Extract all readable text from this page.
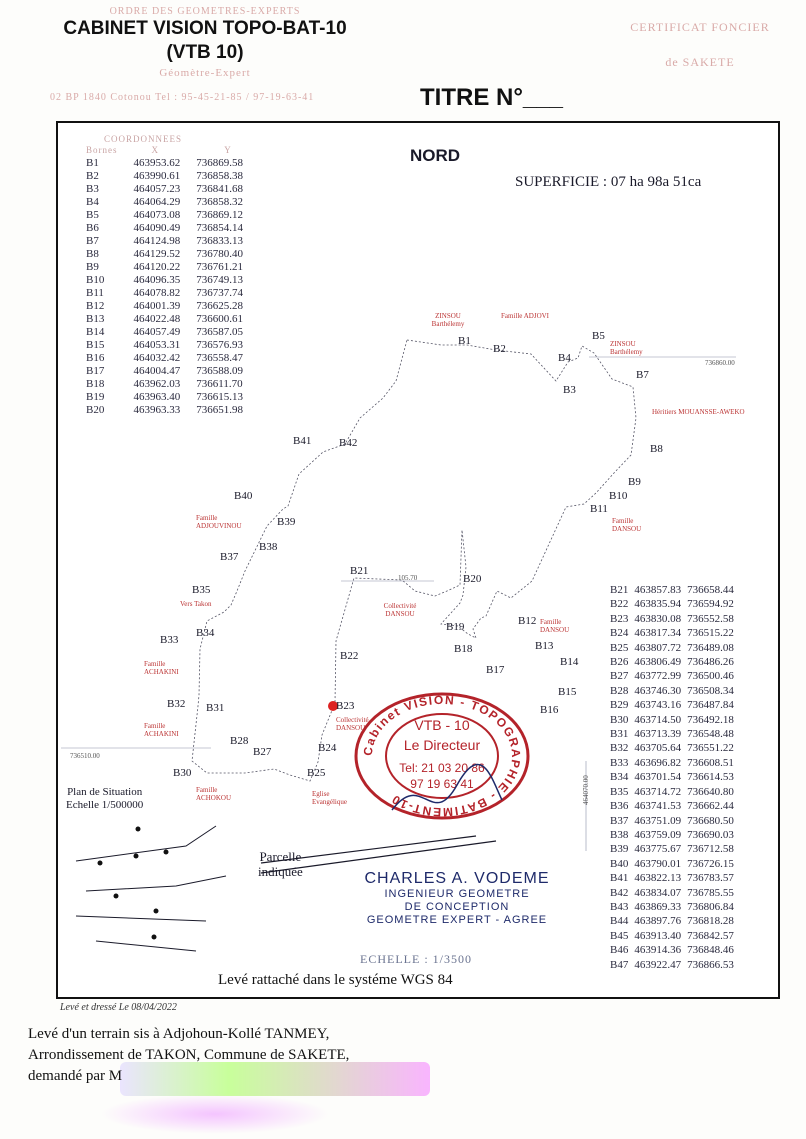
ORDRE DES GEOMETRES-EXPERTS
CABINET VISION TOPO-BAT-10
(VTB 10)
Géomètre-Expert
02 BP 1840 Cotonou Tel : 95-45-21-85 / 97-19-63-41
CERTIFICAT FONCIER
de SAKETE
TITRE N°___
NORD
SUPERFICIE : 07 ha 98a 51ca
COORDONNEES
Bornes	X	Y
B1	463953.62	736869.58
B2	463990.61	736858.38
B3	464057.23	736841.68
B4	464064.29	736858.32
B5	464073.08	736869.12
B6	464090.49	736854.14
B7	464124.98	736833.13
B8	464129.52	736780.40
B9	464120.22	736761.21
B10	464096.35	736749.13
B11	464078.82	736737.74
B12	464001.39	736625.28
B13	464022.48	736600.61
B14	464057.49	736587.05
B15	464053.31	736576.93
B16	464032.42	736558.47
B17	464004.47	736588.09
B18	463962.03	736611.70
B19	463963.40	736615.13
B20	463963.33	736651.98
B21	463857.83	736658.44
B22	463835.94	736594.92
B23	463830.08	736552.58
B24	463817.34	736515.22
B25	463807.72	736489.08
B26	463806.49	736486.26
B27	463772.99	736500.46
B28	463746.30	736508.34
B29	463743.16	736487.84
B30	463714.50	736492.18
B31	463713.39	736548.48
B32	463705.64	736551.22
B33	463696.82	736608.51
B34	463701.54	736614.53
B35	463714.72	736640.80
B36	463741.53	736662.44
B37	463751.09	736680.50
B38	463759.09	736690.03
B39	463775.67	736712.58
B40	463790.01	736726.15
B41	463822.13	736783.57
B42	463834.07	736785.55
B43	463869.33	736806.84
B44	463897.76	736818.28
B45	463913.40	736842.57
B46	463914.36	736848.46
B47	463922.47	736866.53
736510.00
736860.00
464070.00
B1
B2
B3
B4
B5
B7
B8
B9
B10
B11
B12
B13
B14
B15
B16
B17
B18
B19
B20
B21
B22
B23
B24
B25
B27
B28
B30
B31
B32
B33
B34
B35
B37
B38
B39
B40
B41	B42
ZINSOU Barthélemy
Famille ADJOVI
ZINSOU Barthélemy
Héritiers MOUANSSE-AWEKO
Famille DANSOU
Collectivité DANSOU
Famille DANSOU
Famille ADJOUVINOU
Famille ACHAKINI
Famille ACHAKINI
Famille ACHOKOU	Eglise Evangélique
Vers Takon
Collectivité DANSOU
105.70
Cabinet VISION - TOPOGRAPHIE - BATIMENT-10
VTB - 10
Le Directeur
Tel: 21 03 20 86
97 19 63 41
CHARLES A. VODEME
INGENIEUR GEOMETRE
DE CONCEPTION
GEOMETRE EXPERT - AGREE
ECHELLE : 1/3500
Levé rattaché dans le systéme WGS 84
Plan de Situation
Echelle 1/500000
Parcelle
indiquée
Levé et dressé Le 08/04/2022
Levé d'un terrain sis à Adjohoun-Kollé TANMEY,
Arrondissement de TAKON, Commune de SAKETE,
demandé par M
